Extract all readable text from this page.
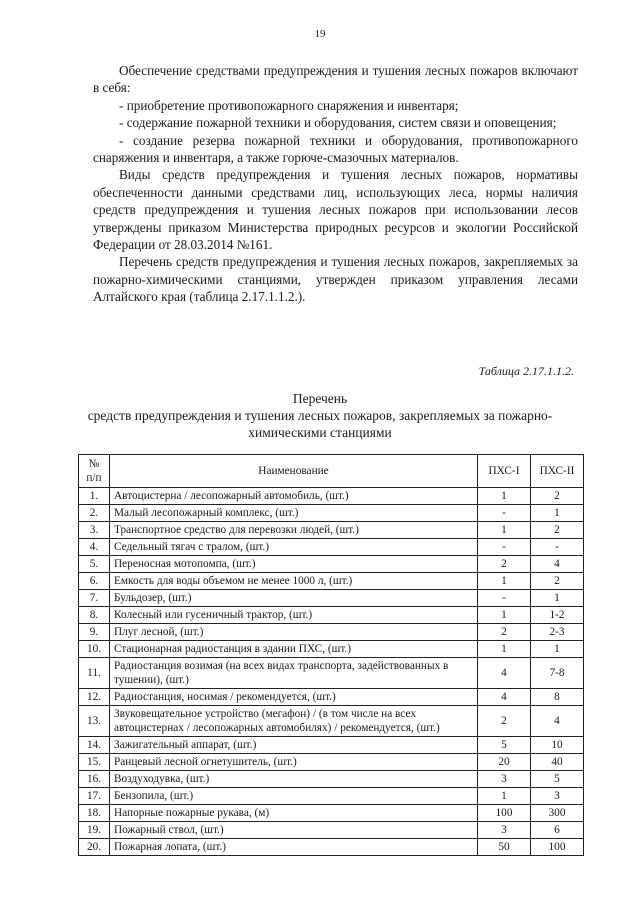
19

Обеспечение средствами предупреждения и тушения лесных пожаров включают в себя:

- приобретение противопожарного снаряжения и инвентаря;

- содержание пожарной техники и оборудования, систем связи и оповещения;

- создание резерва пожарной техники и оборудования, противопожарного снаряжения и инвентаря, а также горюче-смазочных материалов.

Виды средств предупреждения и тушения лесных пожаров, нормативы обеспеченности данными средствами лиц, использующих леса, нормы наличия средств предупреждения и тушения лесных пожаров при использовании лесов утверждены приказом Министерства природных ресурсов и экологии Российской Федерации от 28.03.2014 №161.

Перечень средств предупреждения и тушения лесных пожаров, закрепляемых за пожарно-химическими станциями, утвержден приказом управления лесами Алтайского края (таблица 2.17.1.1.2.).

Таблица 2.17.1.1.2.
Перечень
средств предупреждения и тушения лесных пожаров, закрепляемых за пожарно-химическими станциями
№ п/п	Наименование	ПХС-I	ПХС-II
1.	Автоцистерна / лесопожарный автомобиль, (шт.)	1	2
2.	Малый лесопожарный комплекс, (шт.)	-	1
3.	Транспортное средство для перевозки людей, (шт.)	1	2
4.	Седельный тягач с тралом, (шт.)	-	-
5.	Переносная мотопомпа, (шт.)	2	4
6.	Емкость для воды объемом не менее 1000 л, (шт.)	1	2
7.	Бульдозер, (шт.)	-	1
8.	Колесный или гусеничный трактор, (шт.)	1	1-2
9.	Плуг лесной, (шт.)	2	2-3
10.	Стационарная радиостанция в здании ПХС, (шт.)	1	1
11.	Радиостанция возимая (на всех видах транспорта, задействованных в тушении), (шт.)	4	7-8
12.	Радиостанция, носимая / рекомендуется, (шт.)	4	8
13.	Звуковещательное устройство (мегафон) / (в том числе на всех автоцистернах / лесопожарных автомобилях) / рекомендуется, (шт.)	2	4
14.	Зажигательный аппарат, (шт.)	5	10
15.	Ранцевый лесной огнетушитель, (шт.)	20	40
16.	Воздуходувка, (шт.)	3	5
17.	Бензопила, (шт.)	1	3
18.	Напорные пожарные рукава, (м)	100	300
19.	Пожарный ствол, (шт.)	3	6
20.	Пожарная лопата, (шт.)	50	100
